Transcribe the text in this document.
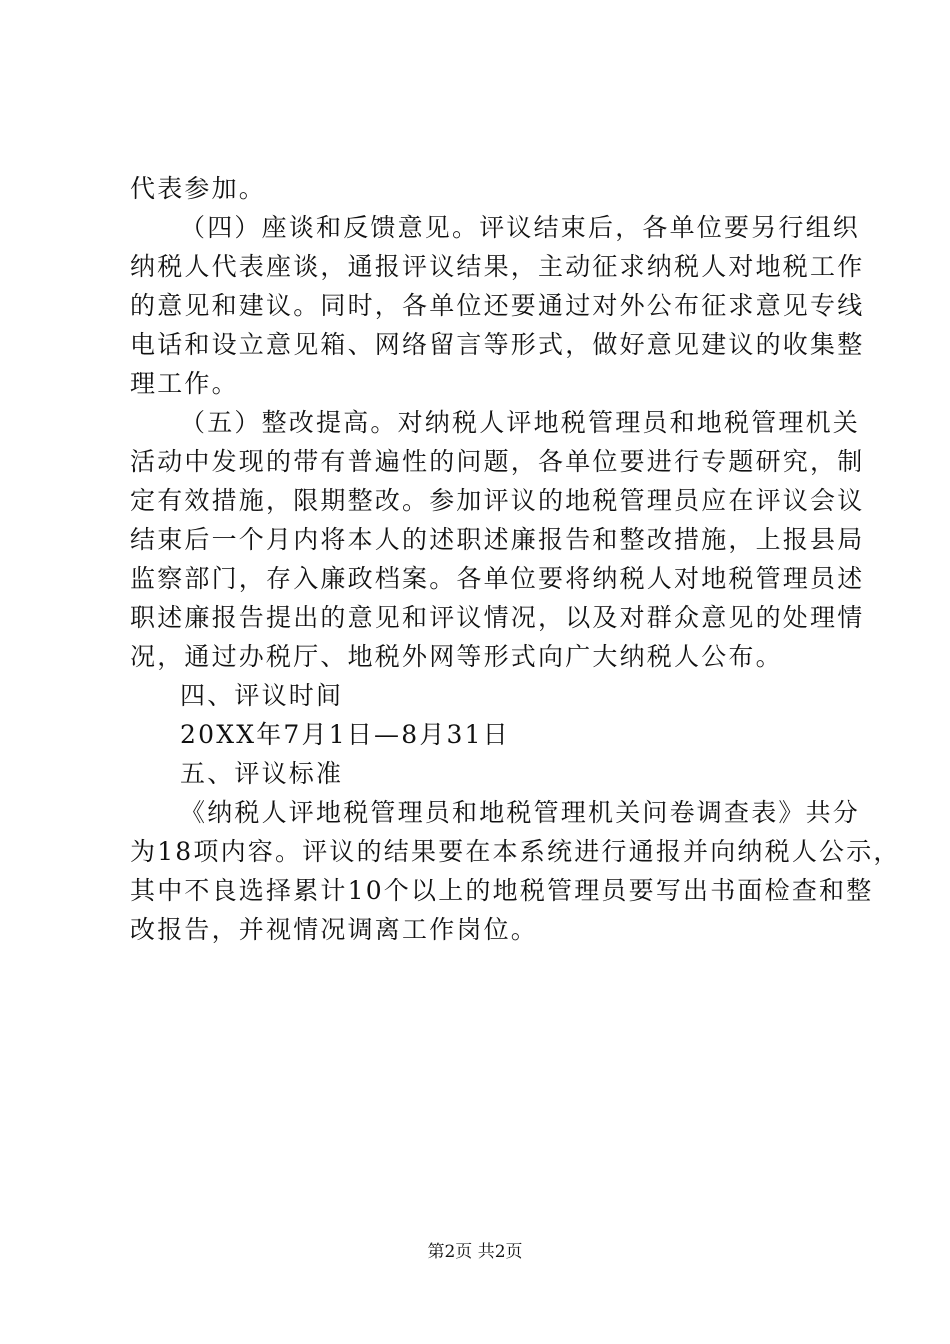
代表参加。
（四）座谈和反馈意见。评议结束后，各单位要另行组织
纳税人代表座谈，通报评议结果，主动征求纳税人对地税工作
的意见和建议。同时，各单位还要通过对外公布征求意见专线
电话和设立意见箱、网络留言等形式，做好意见建议的收集整
理工作。
（五）整改提高。对纳税人评地税管理员和地税管理机关
活动中发现的带有普遍性的问题，各单位要进行专题研究，制
定有效措施，限期整改。参加评议的地税管理员应在评议会议
结束后一个月内将本人的述职述廉报告和整改措施，上报县局
监察部门，存入廉政档案。各单位要将纳税人对地税管理员述
职述廉报告提出的意见和评议情况，以及对群众意见的处理情
况，通过办税厅、地税外网等形式向广大纳税人公布。
四、评议时间
20XX年7月1日—8月31日
五、评议标准
《纳税人评地税管理员和地税管理机关问卷调查表》共分
为18项内容。评议的结果要在本系统进行通报并向纳税人公示，
其中不良选择累计10个以上的地税管理员要写出书面检查和整
改报告，并视情况调离工作岗位。
第2页 共2页
